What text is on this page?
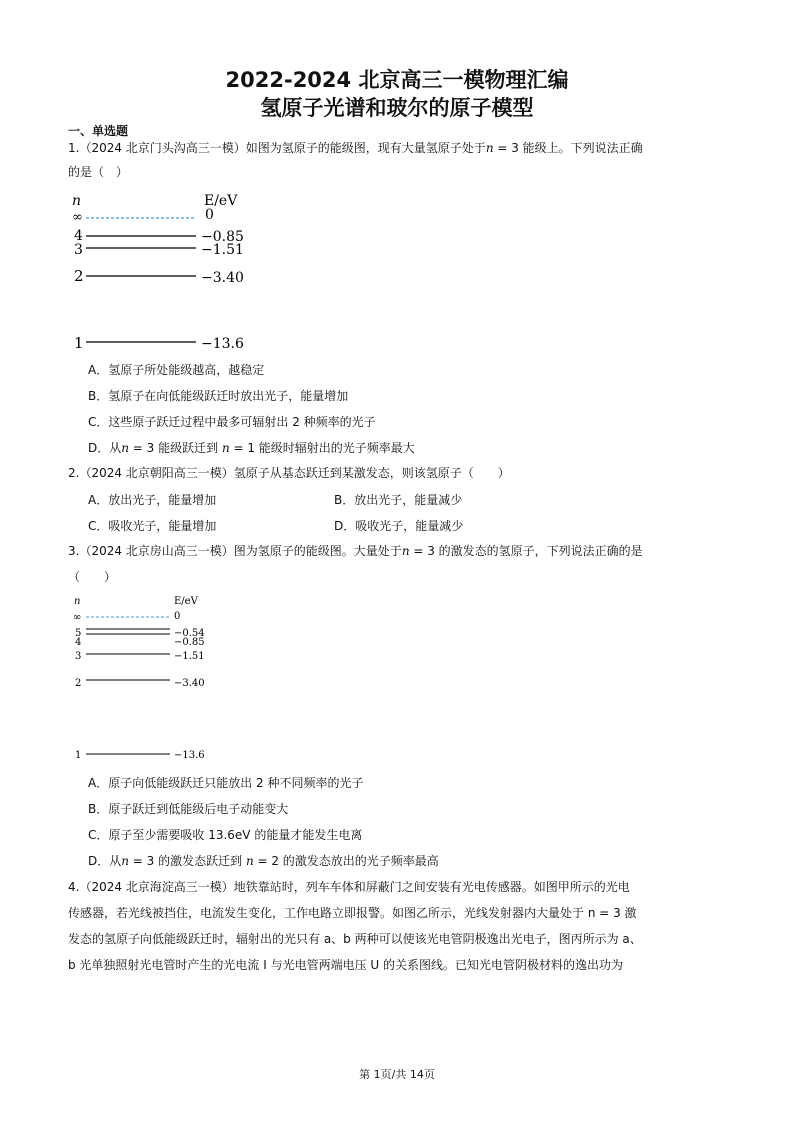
2022-2024 北京高三一模物理汇编
氢原子光谱和玻尔的原子模型
一、单选题
1.（2024 北京门头沟高三一模）如图为氢原子的能级图，现有大量氢原子处于n = 3 能级上。下列说法正确
的是（　）
n	E/eV
∞	0
4	−0.85
3	−1.51
2	−3.40
1	−13.6
A．氢原子所处能级越高，越稳定
B．氢原子在向低能级跃迁时放出光子，能量增加
C．这些原子跃迁过程中最多可辐射出 2 种频率的光子
D．从n = 3 能级跃迁到 n = 1 能级时辐射出的光子频率最大
2.（2024 北京朝阳高三一模）氢原子从基态跃迁到某激发态，则该氢原子（　　）
A．放出光子，能量增加	B．放出光子，能量减少
C．吸收光子，能量增加	D．吸收光子，能量减少
3.（2024 北京房山高三一模）图为氢原子的能级图。大量处于n = 3 的激发态的氢原子，下列说法正确的是
（　　）
n	E/eV
∞	0
5	−0.54
4	−0.85
3	−1.51
2	−3.40
1	−13.6
A．原子向低能级跃迁只能放出 2 种不同频率的光子
B．原子跃迁到低能级后电子动能变大
C．原子至少需要吸收 13.6eV 的能量才能发生电离
D．从n = 3 的激发态跃迁到 n = 2 的激发态放出的光子频率最高
4.（2024 北京海淀高三一模）地铁靠站时，列车车体和屏蔽门之间安装有光电传感器。如图甲所示的光电
传感器，若光线被挡住，电流发生变化，工作电路立即报警。如图乙所示，光线发射器内大量处于 n = 3 激
发态的氢原子向低能级跃迁时，辐射出的光只有 a、b 两种可以使该光电管阴极逸出光电子，图丙所示为 a、
b 光单独照射光电管时产生的光电流 I 与光电管两端电压 U 的关系图线。已知光电管阴极材料的逸出功为
第 1页/共 14页
